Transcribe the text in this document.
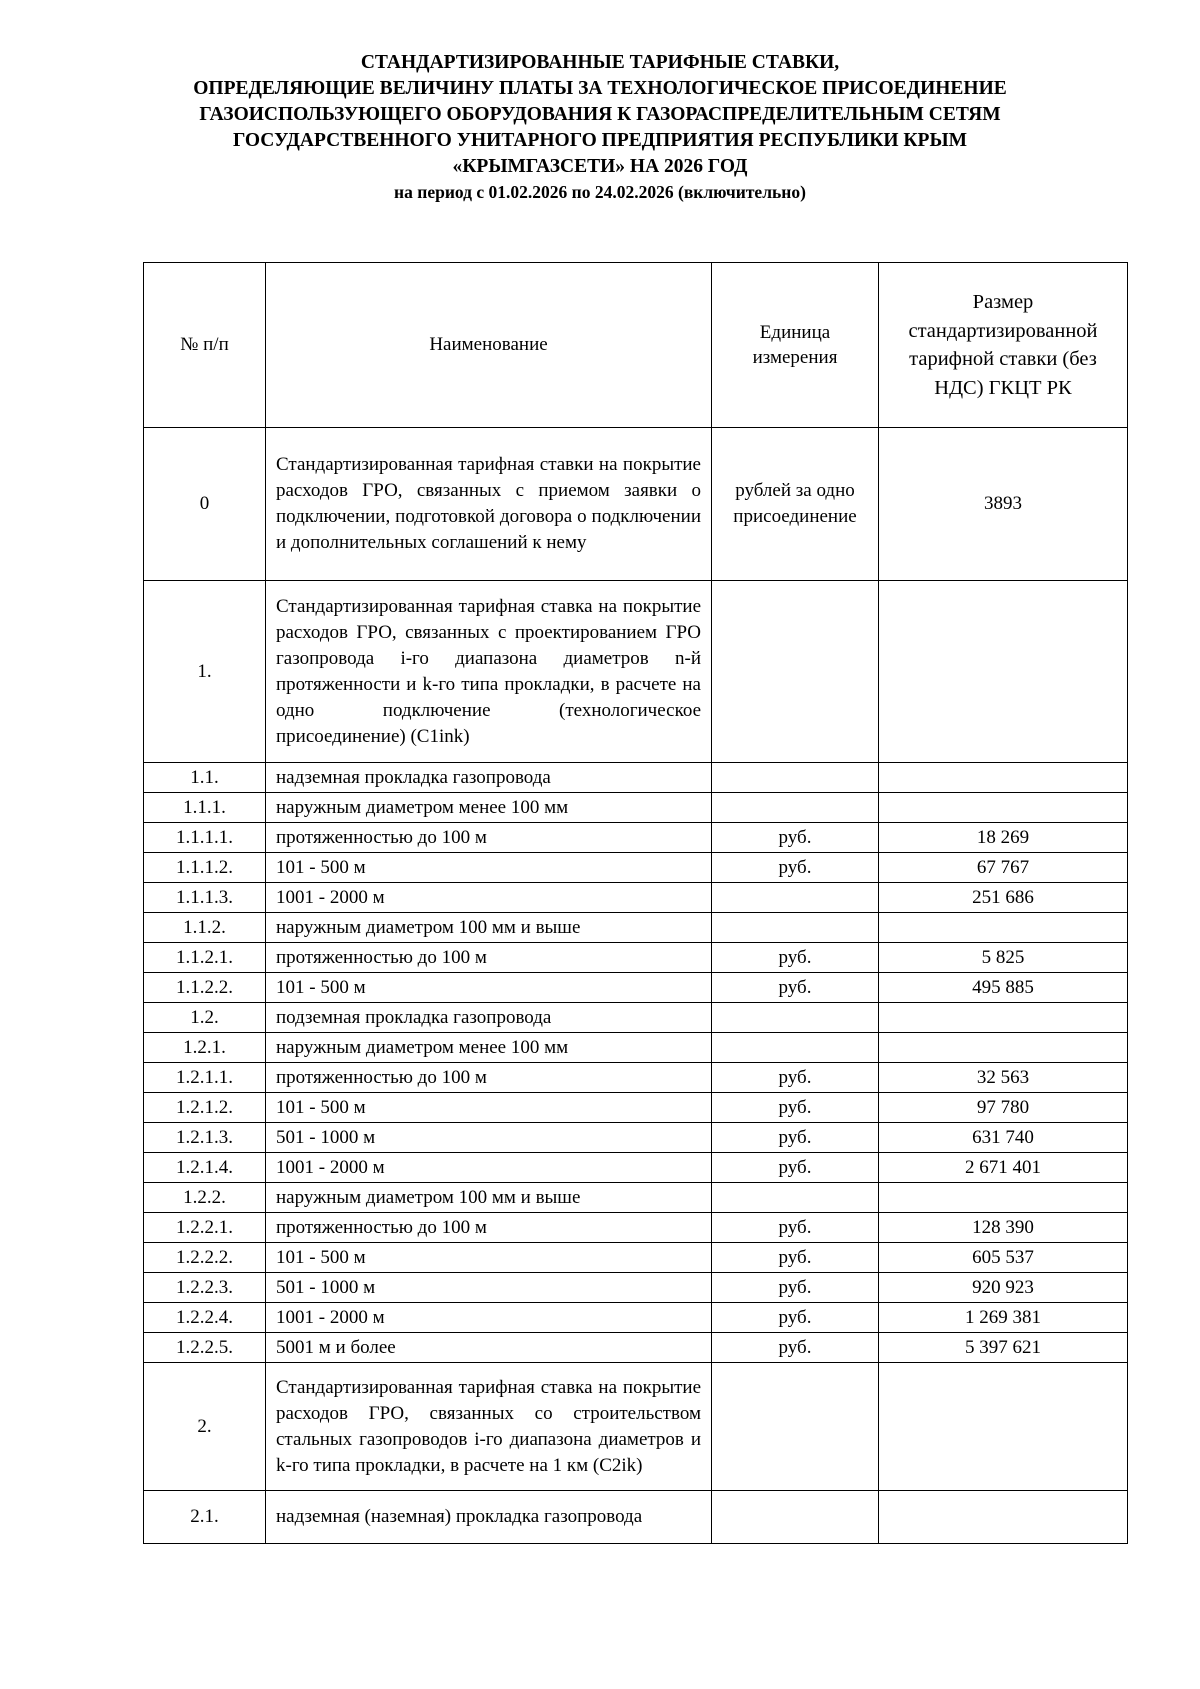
СТАНДАРТИЗИРОВАННЫЕ ТАРИФНЫЕ СТАВКИ,
ОПРЕДЕЛЯЮЩИЕ ВЕЛИЧИНУ ПЛАТЫ ЗА ТЕХНОЛОГИЧЕСКОЕ ПРИСОЕДИНЕНИЕ
ГАЗОИСПОЛЬЗУЮЩЕГО ОБОРУДОВАНИЯ К ГАЗОРАСПРЕДЕЛИТЕЛЬНЫМ СЕТЯМ
ГОСУДАРСТВЕННОГО УНИТАРНОГО ПРЕДПРИЯТИЯ РЕСПУБЛИКИ КРЫМ
«КРЫМГАЗСЕТИ» НА 2026 ГОД
на период с 01.02.2026 по 24.02.2026 (включительно)
№ п/п	Наименование	Единица измерения	Размер стандартизированной тарифной ставки (без НДС) ГКЦТ РК
0	Стандартизированная тарифная ставки на покрытие расходов ГРО, связанных с приемом заявки о подключении, подготовкой договора о подключении и дополнительных соглашений к нему	рублей за одно присоединение	3893
1.	Стандартизированная тарифная ставка на покрытие расходов ГРО, связанных с проектированием ГРО газопровода i-го диапазона диаметров n-й протяженности и k-го типа прокладки, в расчете на одно подключение (технологическое присоединение) (C1ink)		
1.1.	надземная прокладка газопровода		
1.1.1.	наружным диаметром менее 100 мм		
1.1.1.1.	протяженностью до 100 м	руб.	18 269
1.1.1.2.	101 - 500 м	руб.	67 767
1.1.1.3.	1001 - 2000 м		251 686
1.1.2.	наружным диаметром 100 мм и выше		
1.1.2.1.	протяженностью до 100 м	руб.	5 825
1.1.2.2.	101 - 500 м	руб.	495 885
1.2.	подземная прокладка газопровода		
1.2.1.	наружным диаметром менее 100 мм		
1.2.1.1.	протяженностью до 100 м	руб.	32 563
1.2.1.2.	101 - 500 м	руб.	97 780
1.2.1.3.	501 - 1000 м	руб.	631 740
1.2.1.4.	1001 - 2000 м	руб.	2 671 401
1.2.2.	наружным диаметром 100 мм и выше		
1.2.2.1.	протяженностью до 100 м	руб.	128 390
1.2.2.2.	101 - 500 м	руб.	605 537
1.2.2.3.	501 - 1000 м	руб.	920 923
1.2.2.4.	1001 - 2000 м	руб.	1 269 381
1.2.2.5.	5001 м и более	руб.	5 397 621
2.	Стандартизированная тарифная ставка на покрытие расходов ГРО, связанных со строительством стальных газопроводов i-го диапазона диаметров и k-го типа прокладки, в расчете на 1 км (C2ik)		
2.1.	надземная (наземная) прокладка газопровода		
